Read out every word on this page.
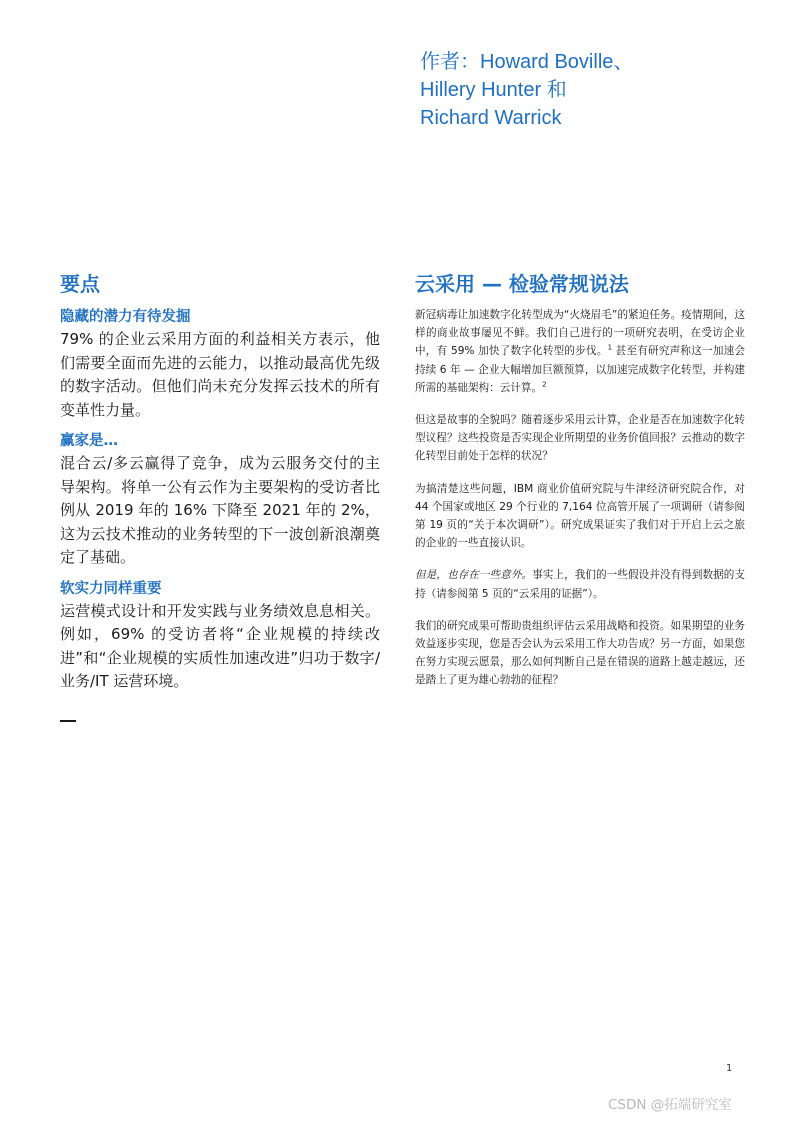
作者：Howard Boville、
Hillery Hunter 和
Richard Warrick
要点
隐藏的潜力有待发掘

79% 的企业云采用方面的利益相关方表示，他们需要全面而先进的云能力，以推动最高优先级的数字活动。但他们尚未充分发挥云技术的所有变革性力量。

赢家是…

混合云/多云赢得了竞争，成为云服务交付的主导架构。将单一公有云作为主要架构的受访者比例从 2019 年的 16% 下降至 2021 年的 2%，这为云技术推动的业务转型的下一波创新浪潮奠定了基础。

软实力同样重要

运营模式设计和开发实践与业务绩效息息相关。例如，69% 的受访者将“企业规模的持续改进”和“企业规模的实质性加速改进”归功于数字/业务/IT 运营环境。

云采用 — 检验常规说法

新冠病毒让加速数字化转型成为“火烧眉毛”的紧迫任务。疫情期间，这样的商业故事屡见不鲜。我们自己进行的一项研究表明，在受访企业中，有 59% 加快了数字化转型的步伐。$^1$ 甚至有研究声称这一加速会持续 6 年 — 企业大幅增加巨额预算，以加速完成数字化转型，并构建所需的基础架构：云计算。$^2$

但这是故事的全貌吗？随着逐步采用云计算，企业是否在加速数字化转型议程？这些投资是否实现企业所期望的业务价值回报？云推动的数字化转型目前处于怎样的状况？

为搞清楚这些问题，IBM 商业价值研究院与牛津经济研究院合作，对 44 个国家或地区 29 个行业的 7,164 位高管开展了一项调研（请参阅第 19 页的“关于本次调研”）。研究成果证实了我们对于开启上云之旅的企业的一些直接认识。

但是，也存在一些意外。事实上，我们的一些假设并没有得到数据的支持（请参阅第 5 页的“云采用的证据”）。

我们的研究成果可帮助贵组织评估云采用战略和投资。如果期望的业务效益逐步实现，您是否会认为云采用工作大功告成？另一方面，如果您在努力实现云愿景，那么如何判断自己是在错误的道路上越走越远，还是踏上了更为雄心勃勃的征程？

1
CSDN @拓端研究室
